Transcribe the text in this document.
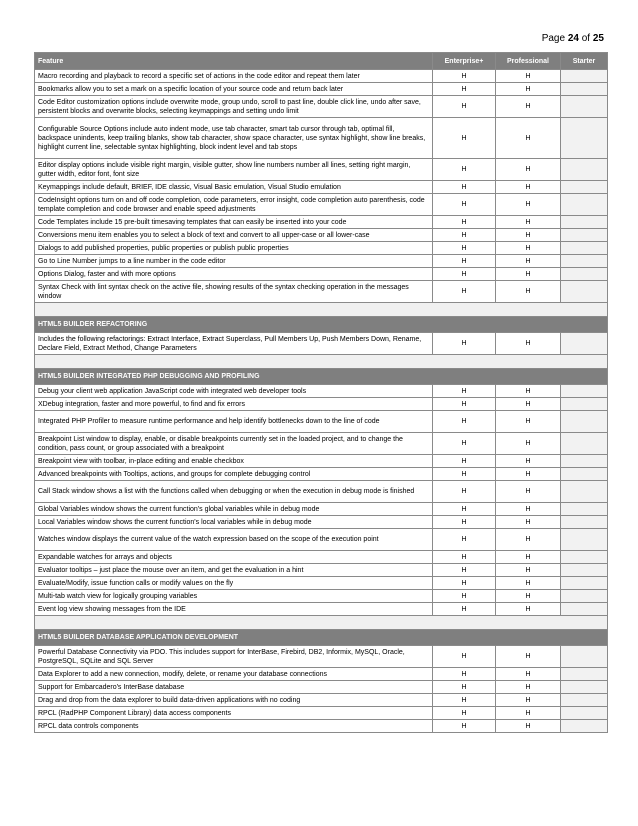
Page 24 of 25
Feature	Enterprise+	Professional	Starter
Macro recording and playback to record a specific set of actions in the code editor and repeat them later	H	H	
Bookmarks allow you to set a mark on a specific location of your source code and return back later	H	H	
Code Editor customization options include overwrite mode, group undo, scroll to past line, double click line, undo after save, persistent blocks and overwrite blocks, selecting keymappings and setting undo limit	H	H	
Configurable Source Options include auto indent mode, use tab character, smart tab cursor through tab, optimal fill, backspace unindents, keep trailing blanks, show tab character, show space character, use syntax highlight, show line breaks, highlight current line, selectable syntax highlighting, block indent level and tab stops	H	H	
Editor display options include visible right margin, visible gutter, show line numbers number all lines, setting right margin, gutter width, editor font, font size	H	H	
Keymappings include default, BRIEF, IDE classic, Visual Basic emulation, Visual Studio emulation	H	H	
CodeInsight options turn on and off code completion, code parameters, error insight, code completion auto parenthesis, code template completion and code browser and enable speed adjustments	H	H	
Code Templates include 15 pre-built timesaving templates that can easily be inserted into your code	H	H	
Conversions menu item enables you to select a block of text and convert to all upper-case or all lower-case	H	H	
Dialogs to add published properties, public properties or publish public properties	H	H	
Go to Line Number jumps to a line number in the code editor	H	H	
Options Dialog, faster and with more options	H	H	
Syntax Check with lint syntax check on the active file, showing results of the syntax checking operation in the messages window	H	H	

HTML5 BUILDER REFACTORING			
Includes the following refactorings: Extract Interface, Extract Superclass, Pull Members Up, Push Members Down, Rename, Declare Field, Extract Method, Change Parameters	H	H	

HTML5 BUILDER INTEGRATED PHP DEBUGGING AND PROFILING			
Debug your client web application JavaScript code with integrated web developer tools	H	H	
XDebug integration, faster and more powerful, to find and fix errors	H	H	
Integrated PHP Profiler to measure runtime performance and help identify bottlenecks down to the line of code	H	H	
Breakpoint List window to display, enable, or disable breakpoints currently set in the loaded project, and to change the condition, pass count, or group associated with a breakpoint	H	H	
Breakpoint view with toolbar, in-place editing and enable checkbox	H	H	
Advanced breakpoints with Tooltips, actions, and groups for complete debugging control	H	H	
Call Stack window shows a list with the functions called when debugging or when the execution in debug mode is finished	H	H	
Global Variables window shows the current function's global variables while in debug mode	H	H	
Local Variables window shows the current function's local variables while in debug mode	H	H	
Watches window displays the current value of the watch expression based on the scope of the execution point	H	H	
Expandable watches for arrays and objects	H	H	
Evaluator tooltips – just place the mouse over an item, and get the evaluation in a hint	H	H	
Evaluate/Modify, issue function calls or modify values on the fly	H	H	
Multi-tab watch view for logically grouping variables	H	H	
Event log view showing messages from the IDE	H	H	

HTML5 BUILDER DATABASE APPLICATION DEVELOPMENT			
Powerful Database Connectivity via PDO. This includes support for InterBase, Firebird, DB2, Informix, MySQL, Oracle, PostgreSQL, SQLite and SQL Server	H	H	
Data Explorer to add a new connection, modify, delete, or rename your database connections	H	H	
Support for Embarcadero's InterBase database	H	H	
Drag and drop from the data explorer to build data-driven applications with no coding	H	H	
RPCL (RadPHP Component Library) data access components	H	H	
RPCL data controls components	H	H	
